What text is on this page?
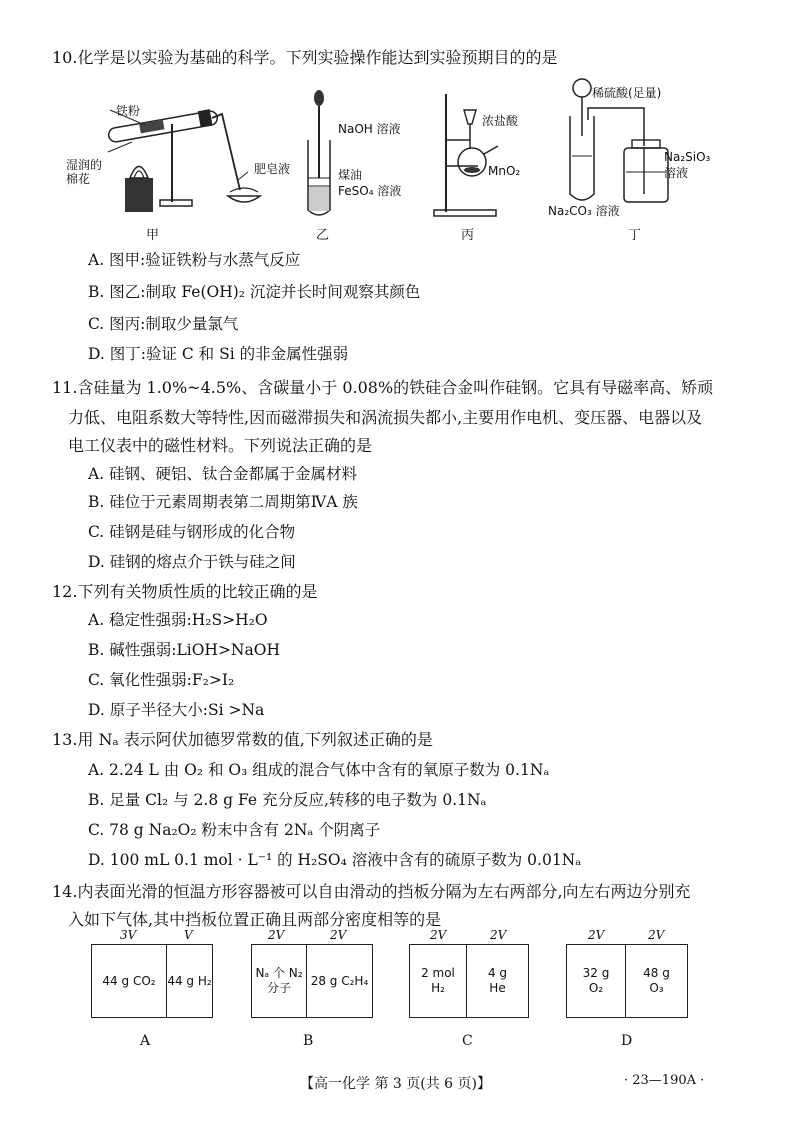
10.化学是以实验为基础的科学。下列实验操作能达到实验预期目的的是
铁粉
湿润的
棉花
肥皂液
甲
NaOH 溶液
煤油
FeSO₄ 溶液
乙
浓盐酸
MnO₂
丙
稀硫酸(足量)
Na₂SiO₃
溶液
Na₂CO₃ 溶液
丁
A. 图甲:验证铁粉与水蒸气反应
B. 图乙:制取 Fe(OH)₂ 沉淀并长时间观察其颜色
C. 图丙:制取少量氯气
D. 图丁:验证 C 和 Si 的非金属性强弱
11.含硅量为 1.0%~4.5%、含碳量小于 0.08%的铁硅合金叫作硅钢。它具有导磁率高、矫顽
力低、电阻系数大等特性,因而磁滞损失和涡流损失都小,主要用作电机、变压器、电器以及
电工仪表中的磁性材料。下列说法正确的是
A. 硅钢、硬铝、钛合金都属于金属材料
B. 硅位于元素周期表第二周期第ⅣA 族
C. 硅钢是硅与钢形成的化合物
D. 硅钢的熔点介于铁与硅之间
12.下列有关物质性质的比较正确的是
A. 稳定性强弱:H₂S>H₂O
B. 碱性强弱:LiOH>NaOH
C. 氧化性强弱:F₂>I₂
D. 原子半径大小:Si >Na
13.用 Nₐ 表示阿伏加德罗常数的值,下列叙述正确的是
A. 2.24 L 由 O₂ 和 O₃ 组成的混合气体中含有的氧原子数为 0.1Nₐ
B. 足量 Cl₂ 与 2.8 g Fe 充分反应,转移的电子数为 0.1Nₐ
C. 78 g Na₂O₂ 粉末中含有 2Nₐ 个阴离子
D. 100 mL 0.1 mol · L⁻¹ 的 H₂SO₄ 溶液中含有的硫原子数为 0.01Nₐ
14.内表面光滑的恒温方形容器被可以自由滑动的挡板分隔为左右两部分,向左右两边分别充
入如下气体,其中挡板位置正确且两部分密度相等的是
3V	V
44 g CO₂ 44 g H₂
A
2V	2V
Nₐ 个 N₂
分子
28 g C₂H₄
B
2V	2V
2 mol
H₂
4 g
He
C
2V	2V
32 g
O₂
48 g
O₃
D
【高一化学 第 3 页(共 6 页)】	· 23—190A ·
